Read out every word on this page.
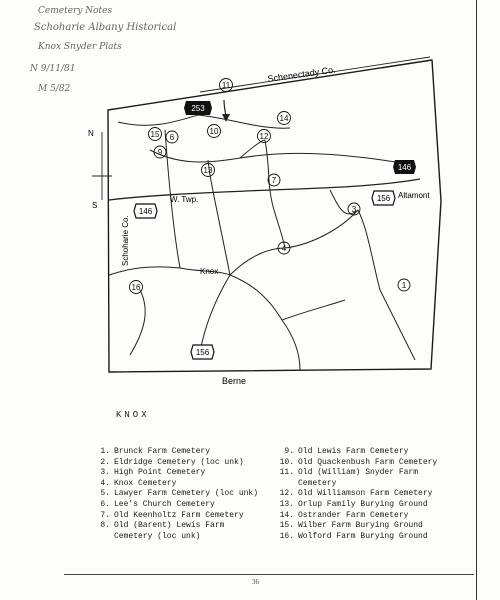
Cemetery Notes
Schoharie Albany Historical
Knox Snyder Plats
N 9/11/81
M 5/82
N
S
Schenectady Co.
Schoharie Co.
Berne
Knox
W. Twp.	Altamont
253
146
146
156
156
1
3
4
6
7
9
10
11
12
13
14
15
16
KNOX
1. Brunck Farm Cemetery
2. Eldridge Cemetery (loc unk)
3. High Point Cemetery
4. Knox Cemetery
5. Lawyer Farm Cemetery (loc unk)
6. Lee's Church Cemetery
7. Old Keenholtz Farm Cemetery
8. Old (Barent) Lewis Farm
Cemetery (loc unk)
9. Old Lewis Farm Cemetery
10. Old Quackenbush Farm Cemetery
11. Old (William) Snyder Farm
Cemetery
12. Old Williamson Farm Cemetery
13. Orlup Family Burying Ground
14. Ostrander Farm Cemetery
15. Wilber Farm Burying Ground
16. Wolford Farm Burying Ground
36
